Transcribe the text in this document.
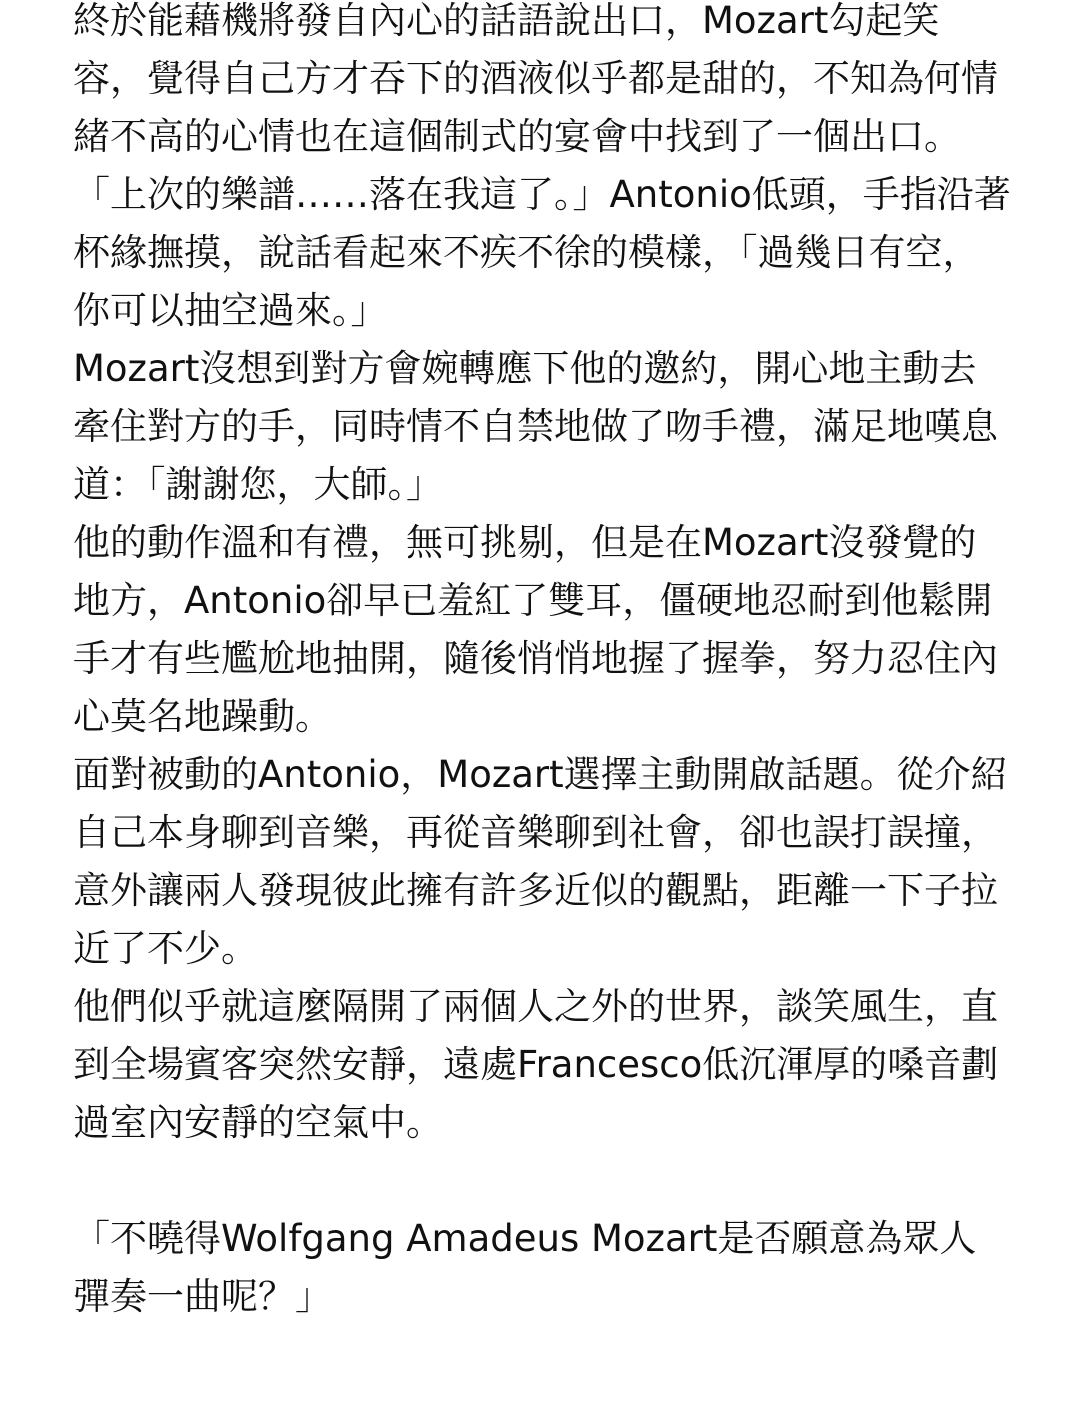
終於能藉機將發自內心的話語說出口，Mozart勾起笑容，覺得自己方才吞下的酒液似乎都是甜的，不知為何情緒不高的心情也在這個制式的宴會中找到了一個出口。

「上次的樂譜……落在我這了。」Antonio低頭，手指沿著杯緣撫摸，說話看起來不疾不徐的模樣，「過幾日有空，你可以抽空過來。」

Mozart沒想到對方會婉轉應下他的邀約，開心地主動去牽住對方的手，同時情不自禁地做了吻手禮，滿足地嘆息道：「謝謝您，大師。」

他的動作溫和有禮，無可挑剔，但是在Mozart沒發覺的地方，Antonio卻早已羞紅了雙耳，僵硬地忍耐到他鬆開手才有些尷尬地抽開，隨後悄悄地握了握拳，努力忍住內心莫名地躁動。

面對被動的Antonio，Mozart選擇主動開啟話題。從介紹自己本身聊到音樂，再從音樂聊到社會，卻也誤打誤撞，意外讓兩人發現彼此擁有許多近似的觀點，距離一下子拉近了不少。

他們似乎就這麼隔開了兩個人之外的世界，談笑風生，直到全場賓客突然安靜，遠處Francesco低沉渾厚的嗓音劃過室內安靜的空氣中。

「不曉得Wolfgang Amadeus Mozart是否願意為眾人彈奏一曲呢？」
